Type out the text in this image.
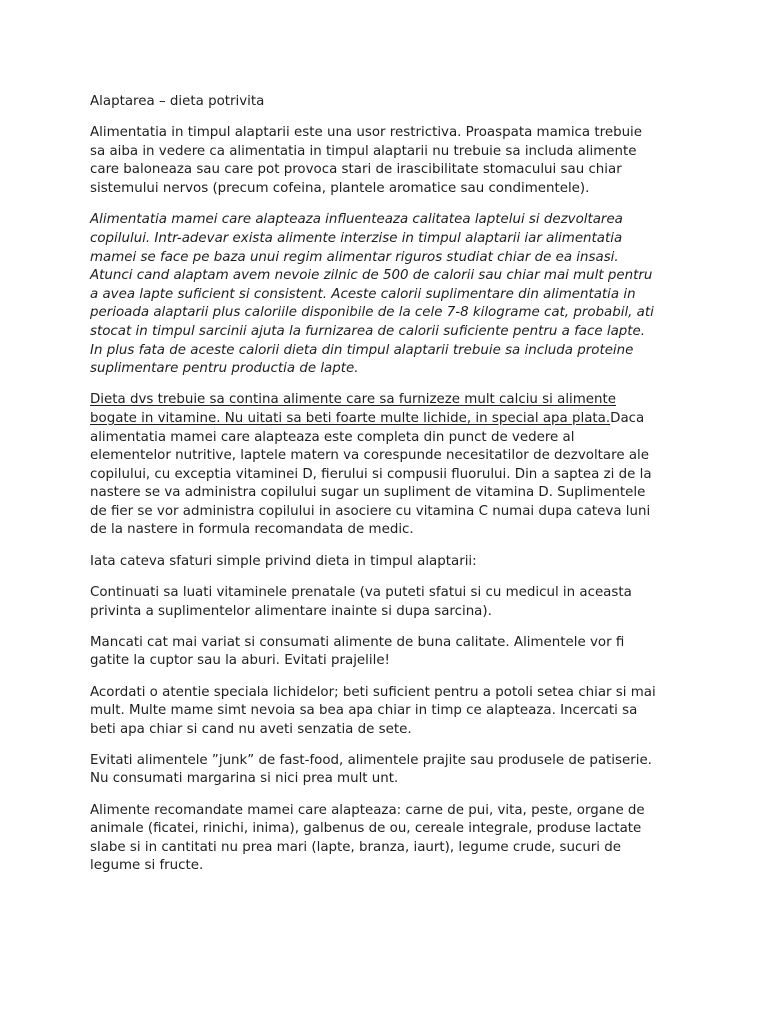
Alaptarea – dieta potrivita
Alimentatia in timpul alaptarii este una usor restrictiva. Proaspata mamica trebuie
sa aiba in vedere ca alimentatia in timpul alaptarii nu trebuie sa includa alimente
care baloneaza sau care pot provoca stari de irascibilitate stomacului sau chiar
sistemului nervos (precum cofeina, plantele aromatice sau condimentele).
Alimentatia mamei care alapteaza influenteaza calitatea laptelui si dezvoltarea
copilului. Intr-adevar exista alimente interzise in timpul alaptarii iar alimentatia
mamei se face pe baza unui regim alimentar riguros studiat chiar de ea insasi.
Atunci cand alaptam avem nevoie zilnic de 500 de calorii sau chiar mai mult pentru
a avea lapte suficient si consistent. Aceste calorii suplimentare din alimentatia in
perioada alaptarii plus caloriile disponibile de la cele 7-8 kilograme cat, probabil, ati
stocat in timpul sarcinii ajuta la furnizarea de calorii suficiente pentru a face lapte.
In plus fata de aceste calorii dieta din timpul alaptarii trebuie sa includa proteine
suplimentare pentru productia de lapte.
Dieta dvs trebuie sa contina alimente care sa furnizeze mult calciu si alimente
bogate in vitamine. Nu uitati sa beti foarte multe lichide, in special apa plata.Daca
alimentatia mamei care alapteaza este completa din punct de vedere al
elementelor nutritive, laptele matern va corespunde necesitatilor de dezvoltare ale
copilului, cu exceptia vitaminei D, fierului si compusii fluorului. Din a saptea zi de la
nastere se va administra copilului sugar un supliment de vitamina D. Suplimentele
de fier se vor administra copilului in asociere cu vitamina C numai dupa cateva luni
de la nastere in formula recomandata de medic.
Iata cateva sfaturi simple privind dieta in timpul alaptarii:
Continuati sa luati vitaminele prenatale (va puteti sfatui si cu medicul in aceasta
privinta a suplimentelor alimentare inainte si dupa sarcina).
Mancati cat mai variat si consumati alimente de buna calitate. Alimentele vor fi
gatite la cuptor sau la aburi. Evitati prajelile!
Acordati o atentie speciala lichidelor; beti suficient pentru a potoli setea chiar si mai
mult. Multe mame simt nevoia sa bea apa chiar in timp ce alapteaza. Incercati sa
beti apa chiar si cand nu aveti senzatia de sete.
Evitati alimentele ”junk” de fast-food, alimentele prajite sau produsele de patiserie.
Nu consumati margarina si nici prea mult unt.
Alimente recomandate mamei care alapteaza: carne de pui, vita, peste, organe de
animale (ficatei, rinichi, inima), galbenus de ou, cereale integrale, produse lactate
slabe si in cantitati nu prea mari (lapte, branza, iaurt), legume crude, sucuri de
legume si fructe.
